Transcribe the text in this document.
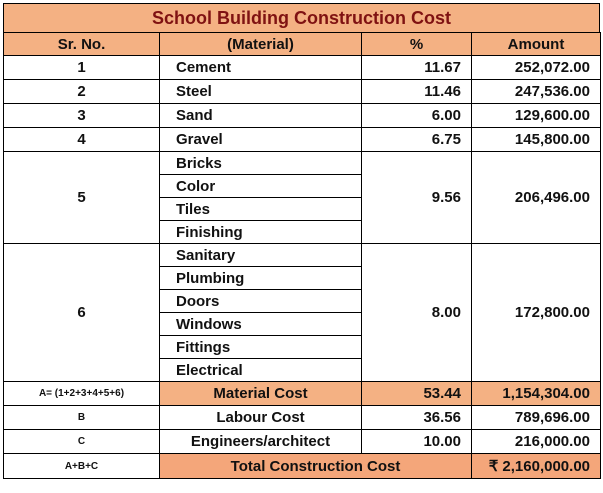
School Building Construction Cost
Sr. No.	(Material)	%	Amount
1	Cement	11.67	252,072.00
2	Steel	11.46	247,536.00
3	Sand	6.00	129,600.00
4	Gravel	6.75	145,800.00
5	Bricks	9.56	206,496.00
	Color		
	Tiles		
	Finishing		
6	Sanitary	8.00	172,800.00
	Plumbing		
	Doors		
	Windows		
	Fittings		
	Electrical		
A= (1+2+3+4+5+6)	Material Cost	53.44	1,154,304.00
B	Labour Cost	36.56	789,696.00
C	Engineers/architect	10.00	216,000.00
A+B+C	Total Construction Cost		₹ 2,160,000.00
